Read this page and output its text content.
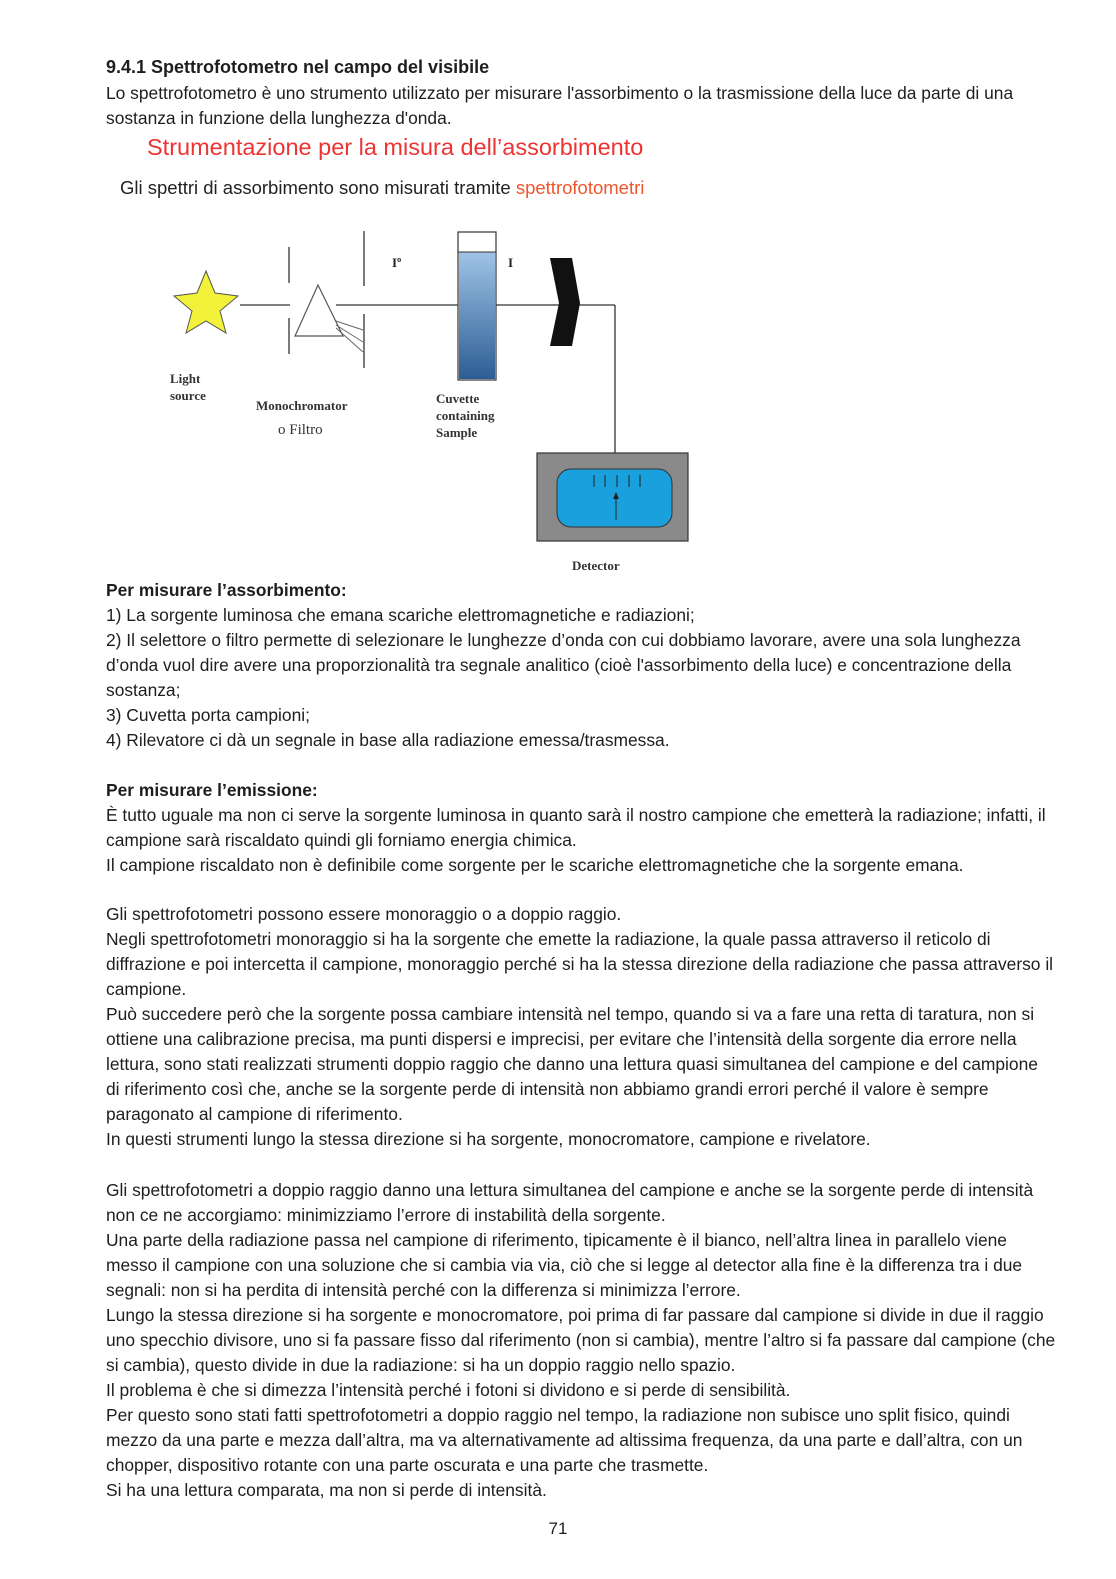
9.4.1 Spettrofotometro nel campo del visibile
Lo spettrofotometro è uno strumento utilizzato per misurare l'assorbimento o la trasmissione della luce da parte di una sostanza in funzione della lunghezza d'onda.
Strumentazione per la misura dell’assorbimento
Gli spettri di assorbimento sono misurati tramite spettrofotometri
Iº	I
Light
source
Monochromator	Cuvette
containing
Sample
Detector
o Filtro

Per misurare l’assorbimento:

1) La sorgente luminosa che emana scariche elettromagnetiche e radiazioni;

2) Il selettore o filtro permette di selezionare le lunghezze d’onda con cui dobbiamo lavorare, avere una sola lunghezza d’onda vuol dire avere una proporzionalità tra segnale analitico (cioè l'assorbimento della luce) e concentrazione della sostanza;

3) Cuvetta porta campioni;

4) Rilevatore ci dà un segnale in base alla radiazione emessa/trasmessa.

Per misurare l’emissione:

È tutto uguale ma non ci serve la sorgente luminosa in quanto sarà il nostro campione che emetterà la radiazione; infatti, il campione sarà riscaldato quindi gli forniamo energia chimica.

Il campione riscaldato non è definibile come sorgente per le scariche elettromagnetiche che la sorgente emana.

Gli spettrofotometri possono essere monoraggio o a doppio raggio.

Negli spettrofotometri monoraggio si ha la sorgente che emette la radiazione, la quale passa attraverso il reticolo di diffrazione e poi intercetta il campione, monoraggio perché si ha la stessa direzione della radiazione che passa attraverso il campione.

Può succedere però che la sorgente possa cambiare intensità nel tempo, quando si va a fare una retta di taratura, non si ottiene una calibrazione precisa, ma punti dispersi e imprecisi, per evitare che l’intensità della sorgente dia errore nella lettura, sono stati realizzati strumenti doppio raggio che danno una lettura quasi simultanea del campione e del campione di riferimento così che, anche se la sorgente perde di intensità non abbiamo grandi errori perché il valore è sempre paragonato al campione di riferimento.

In questi strumenti lungo la stessa direzione si ha sorgente, monocromatore, campione e rivelatore.

Gli spettrofotometri a doppio raggio danno una lettura simultanea del campione e anche se la sorgente perde di intensità non ce ne accorgiamo: minimizziamo l’errore di instabilità della sorgente.

Una parte della radiazione passa nel campione di riferimento, tipicamente è il bianco, nell’altra linea in parallelo viene messo il campione con una soluzione che si cambia via via, ciò che si legge al detector alla fine è la differenza tra i due segnali: non si ha perdita di intensità perché con la differenza si minimizza l’errore.

Lungo la stessa direzione si ha sorgente e monocromatore, poi prima di far passare dal campione si divide in due il raggio uno specchio divisore, uno si fa passare fisso dal riferimento (non si cambia), mentre l’altro si fa passare dal campione (che si cambia), questo divide in due la radiazione: si ha un doppio raggio nello spazio.

Il problema è che si dimezza l’intensità perché i fotoni si dividono e si perde di sensibilità.

Per questo sono stati fatti spettrofotometri a doppio raggio nel tempo, la radiazione non subisce uno split fisico, quindi mezzo da una parte e mezza dall’altra, ma va alternativamente ad altissima frequenza, da una parte e dall’altra, con un chopper, dispositivo rotante con una parte oscurata e una parte che trasmette.

Si ha una lettura comparata, ma non si perde di intensità.

71
